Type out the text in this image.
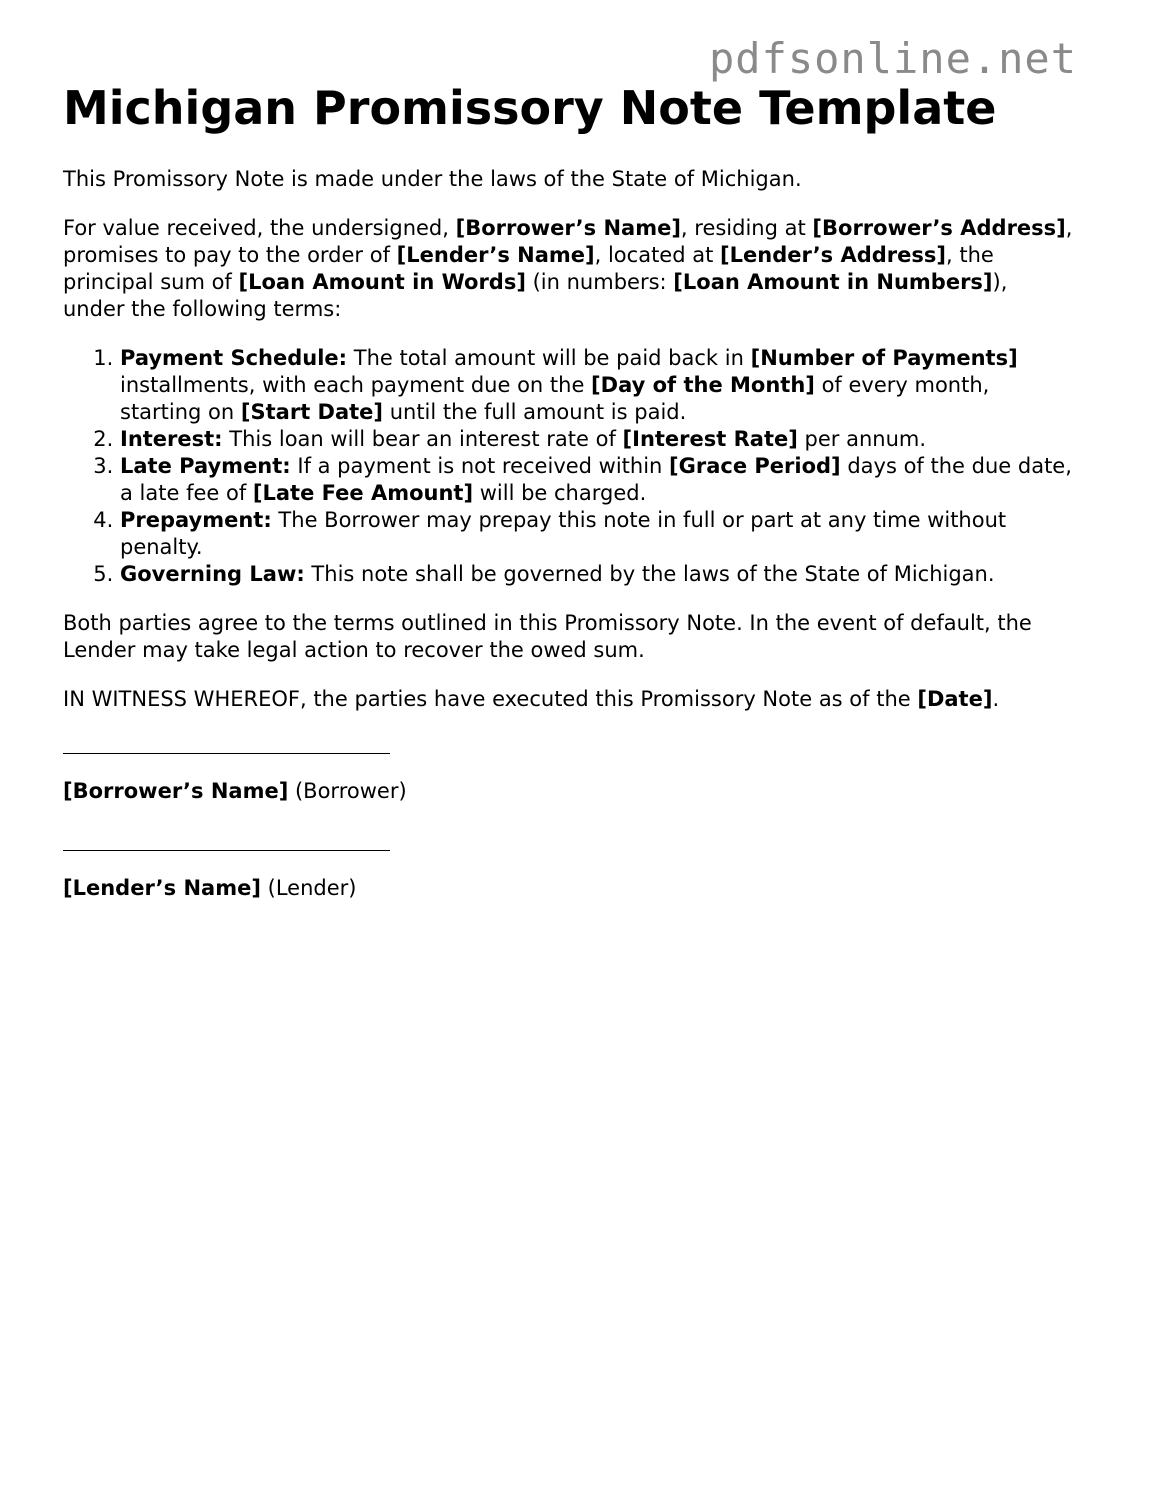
pdfsonline.net
Michigan Promissory Note Template

This Promissory Note is made under the laws of the State of Michigan.

For value received, the undersigned, [Borrower’s Name], residing at [Borrower’s Address], promises to pay to the order of [Lender’s Name], located at [Lender’s Address], the principal sum of [Loan Amount in Words] (in numbers: [Loan Amount in Numbers]), under the following terms:

1. Payment Schedule: The total amount will be paid back in [Number of Payments] installments, with each payment due on the [Day of the Month] of every month, starting on [Start Date] until the full amount is paid.
2. Interest: This loan will bear an interest rate of [Interest Rate] per annum.
3. Late Payment: If a payment is not received within [Grace Period] days of the due date, a late fee of [Late Fee Amount] will be charged.
4. Prepayment: The Borrower may prepay this note in full or part at any time without penalty.
5. Governing Law: This note shall be governed by the laws of the State of Michigan.

Both parties agree to the terms outlined in this Promissory Note. In the event of default, the Lender may take legal action to recover the owed sum.

IN WITNESS WHEREOF, the parties have executed this Promissory Note as of the [Date].

[Borrower’s Name] (Borrower)

[Lender’s Name] (Lender)
